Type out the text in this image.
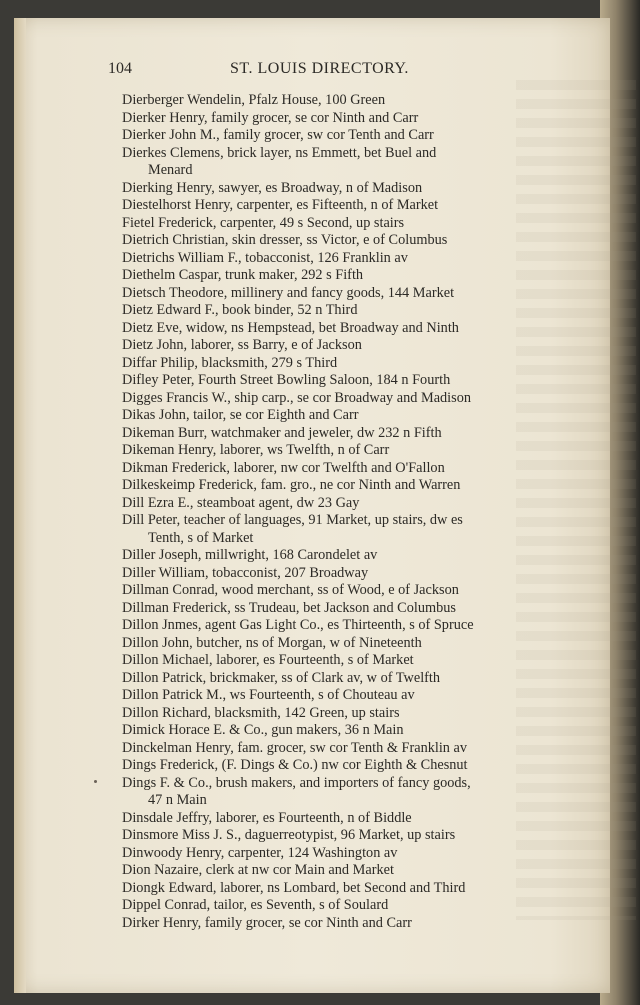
104	ST. LOUIS DIRECTORY.
Dierberger Wendelin, Pfalz House, 100 Green
Dierker Henry, family grocer, se cor Ninth and Carr
Dierker John M., family grocer, sw cor Tenth and Carr
Dierkes Clemens, brick layer, ns Emmett, bet Buel and
Menard
Dierking Henry, sawyer, es Broadway, n of Madison
Diestelhorst Henry, carpenter, es Fifteenth, n of Market
Fietel Frederick, carpenter, 49 s Second, up stairs
Dietrich Christian, skin dresser, ss Victor, e of Columbus
Dietrichs William F., tobacconist, 126 Franklin av
Diethelm Caspar, trunk maker, 292 s Fifth
Dietsch Theodore, millinery and fancy goods, 144 Market
Dietz Edward F., book binder, 52 n Third
Dietz Eve, widow, ns Hempstead, bet Broadway and Ninth
Dietz John, laborer, ss Barry, e of Jackson
Diffar Philip, blacksmith, 279 s Third
Difley Peter, Fourth Street Bowling Saloon, 184 n Fourth
Digges Francis W., ship carp., se cor Broadway and Madison
Dikas John, tailor, se cor Eighth and Carr
Dikeman Burr, watchmaker and jeweler, dw 232 n Fifth
Dikeman Henry, laborer, ws Twelfth, n of Carr
Dikman Frederick, laborer, nw cor Twelfth and O'Fallon
Dilkeskeimp Frederick, fam. gro., ne cor Ninth and Warren
Dill Ezra E., steamboat agent, dw 23 Gay
Dill Peter, teacher of languages, 91 Market, up stairs, dw es
Tenth, s of Market
Diller Joseph, millwright, 168 Carondelet av
Diller William, tobacconist, 207 Broadway
Dillman Conrad, wood merchant, ss of Wood, e of Jackson
Dillman Frederick, ss Trudeau, bet Jackson and Columbus
Dillon Jnmes, agent Gas Light Co., es Thirteenth, s of Spruce
Dillon John, butcher, ns of Morgan, w of Nineteenth
Dillon Michael, laborer, es Fourteenth, s of Market
Dillon Patrick, brickmaker, ss of Clark av, w of Twelfth
Dillon Patrick M., ws Fourteenth, s of Chouteau av
Dillon Richard, blacksmith, 142 Green, up stairs
Dimick Horace E. & Co., gun makers, 36 n Main
Dinckelman Henry, fam. grocer, sw cor Tenth & Franklin av
Dings Frederick, (F. Dings & Co.) nw cor Eighth & Chesnut
Dings F. & Co., brush makers, and importers of fancy goods,
47 n Main
Dinsdale Jeffry, laborer, es Fourteenth, n of Biddle
Dinsmore Miss J. S., daguerreotypist, 96 Market, up stairs
Dinwoody Henry, carpenter, 124 Washington av
Dion Nazaire, clerk at nw cor Main and Market
Diongk Edward, laborer, ns Lombard, bet Second and Third
Dippel Conrad, tailor, es Seventh, s of Soulard
Dirker Henry, family grocer, se cor Ninth and Carr
